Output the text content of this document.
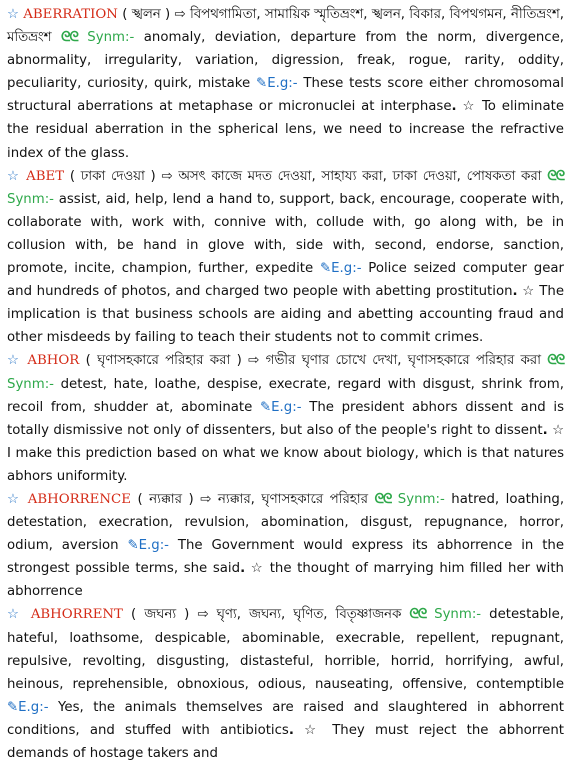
☆ ABERRATION ( স্খলন ) ⇨ বিপথগামিতা, সামায়িক স্মৃতিভ্রংশ, স্খলন, বিকার, বিপথগমন, নীতিভ্রংশ, মতিভ্রংশ ᘓᘓ Synm:- anomaly, deviation, departure from the norm, divergence, abnormality, irregularity, variation, digression, freak, rogue, rarity, oddity, peculiarity, curiosity, quirk, mistake ✎E.g:- These tests score either chromosomal structural aberrations at metaphase or micronuclei at interphase. ☆ To eliminate the residual aberration in the spherical lens, we need to increase the refractive index of the glass.

☆ ABET ( ঢাকা দেওয়া ) ⇨ অসৎ কাজে মদত দেওয়া, সাহায্য করা, ঢাকা দেওয়া, পোষকতা করা ᘓᘓ Synm:- assist, aid, help, lend a hand to, support, back, encourage, cooperate with, collaborate with, work with, connive with, collude with, go along with, be in collusion with, be hand in glove with, side with, second, endorse, sanction, promote, incite, champion, further, expedite ✎E.g:- Police seized computer gear and hundreds of photos, and charged two people with abetting prostitution. ☆ The implication is that business schools are aiding and abetting accounting fraud and other misdeeds by failing to teach their students not to commit crimes.

☆ ABHOR ( ঘৃণাসহকারে পরিহার করা ) ⇨ গভীর ঘৃণার চোখে দেখা, ঘৃণাসহকারে পরিহার করা ᘓᘓ Synm:- detest, hate, loathe, despise, execrate, regard with disgust, shrink from, recoil from, shudder at, abominate ✎E.g:- The president abhors dissent and is totally dismissive not only of dissenters, but also of the people's right to dissent. ☆ I make this prediction based on what we know about biology, which is that natures abhors uniformity.

☆ ABHORRENCE ( ন্যক্কার ) ⇨ ন্যক্কার, ঘৃণাসহকারে পরিহার ᘓᘓ Synm:- hatred, loathing, detestation, execration, revulsion, abomination, disgust, repugnance, horror, odium, aversion ✎E.g:- The Government would express its abhorrence in the strongest possible terms, she said. ☆ the thought of marrying him filled her with abhorrence

☆ ABHORRENT ( জঘন্য ) ⇨ ঘৃণ্য, জঘন্য, ঘৃণিত, বিতৃষ্ণাজনক ᘓᘓ Synm:- detestable, hateful, loathsome, despicable, abominable, execrable, repellent, repugnant, repulsive, revolting, disgusting, distasteful, horrible, horrid, horrifying, awful, heinous, reprehensible, obnoxious, odious, nauseating, offensive, contemptible ✎E.g:- Yes, the animals themselves are raised and slaughtered in abhorrent conditions, and stuffed with antibiotics. ☆ They must reject the abhorrent demands of hostage takers and
